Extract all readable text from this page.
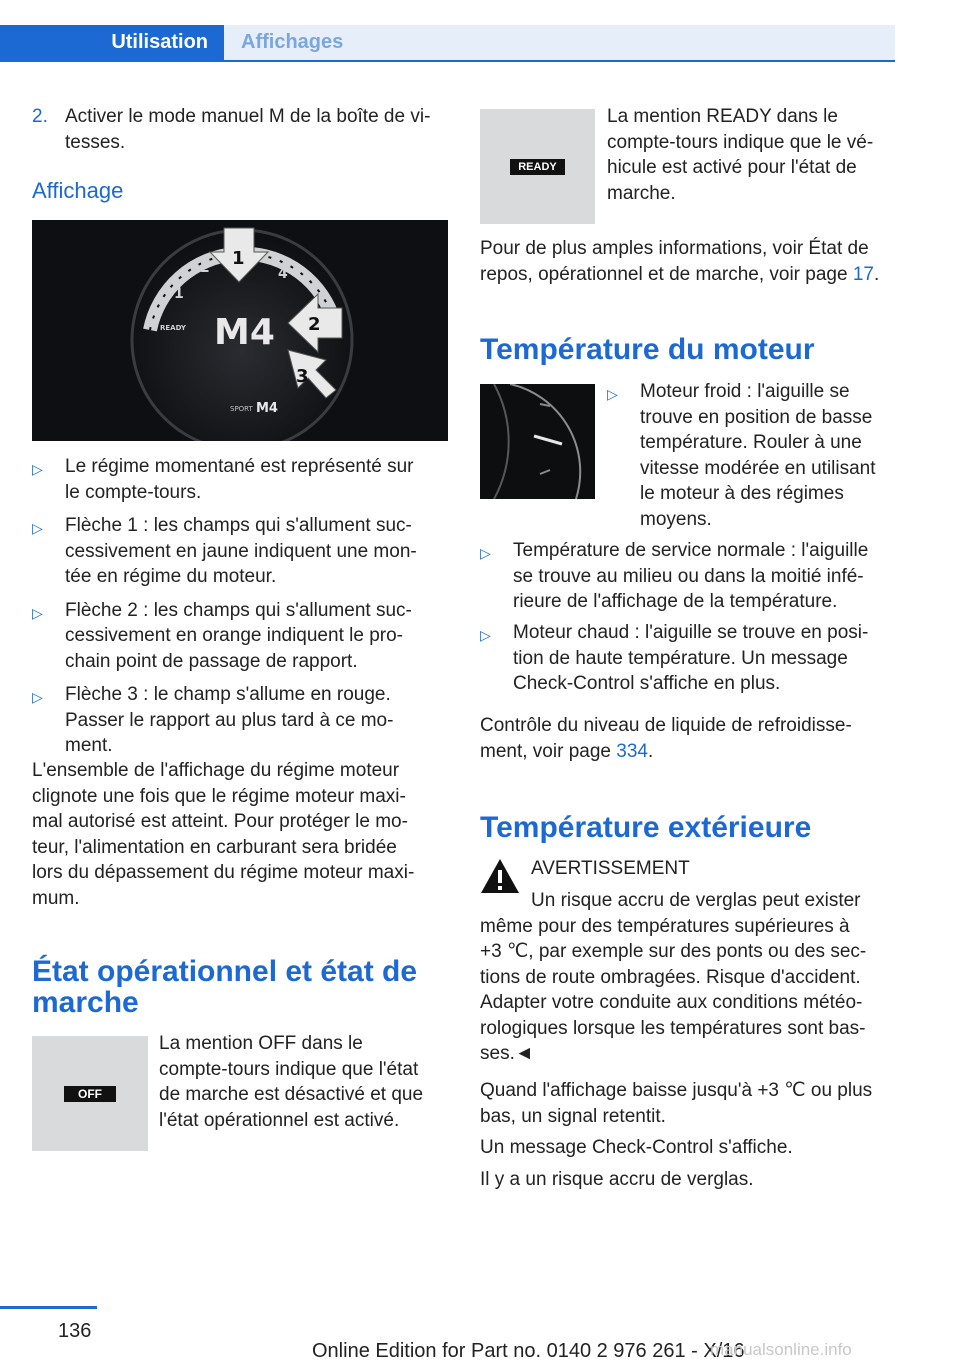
Utilisation	Affichages
2. Activer le mode manuel M de la boîte de vi-
tesses.
Affichage
1
2	4
READY M4
SPORT M4
1
2
3
▷ Le régime momentané est représenté sur
le compte-tours.
▷ Flèche 1 : les champs qui s'allument suc-
cessivement en jaune indiquent une mon-
tée en régime du moteur.
▷ Flèche 2 : les champs qui s'allument suc-
cessivement en orange indiquent le pro-
chain point de passage de rapport.
▷ Flèche 3 : le champ s'allume en rouge.
Passer le rapport au plus tard à ce mo-
ment.
L'ensemble de l'affichage du régime moteur
clignote une fois que le régime moteur maxi-
mal autorisé est atteint. Pour protéger le mo-
teur, l'alimentation en carburant sera bridée
lors du dépassement du régime moteur maxi-
mum.
État opérationnel et état de
marche
OFF
La mention OFF dans le
compte-tours indique que l'état
de marche est désactivé et que
l'état opérationnel est activé.
READY
La mention READY dans le
compte-tours indique que le vé-
hicule est activé pour l'état de
marche.
Pour de plus amples informations, voir État de
repos, opérationnel et de marche, voir page 17.
Température du moteur
▷ Moteur froid : l'aiguille se
trouve en position de basse
température. Rouler à une
vitesse modérée en utilisant
le moteur à des régimes
moyens.
▷ Température de service normale : l'aiguille
se trouve au milieu ou dans la moitié infé-
rieure de l'affichage de la température.
▷ Moteur chaud : l'aiguille se trouve en posi-
tion de haute température. Un message
Check-Control s'affiche en plus.
Contrôle du niveau de liquide de refroidisse-
ment, voir page 334.
Température extérieure
AVERTISSEMENT
Un risque accru de verglas peut exister
même pour des températures supérieures à
+3 ℃, par exemple sur des ponts ou des sec-
tions de route ombragées. Risque d'accident.
Adapter votre conduite aux conditions météo-
rologiques lorsque les températures sont bas-
ses.◄
Quand l'affichage baisse jusqu'à +3 ℃ ou plus
bas, un signal retentit.
Un message Check-Control s'affiche.
Il y a un risque accru de verglas.
136
Online Edition for Part no. 0140 2 976 261 - X/16
manualsonline.info
